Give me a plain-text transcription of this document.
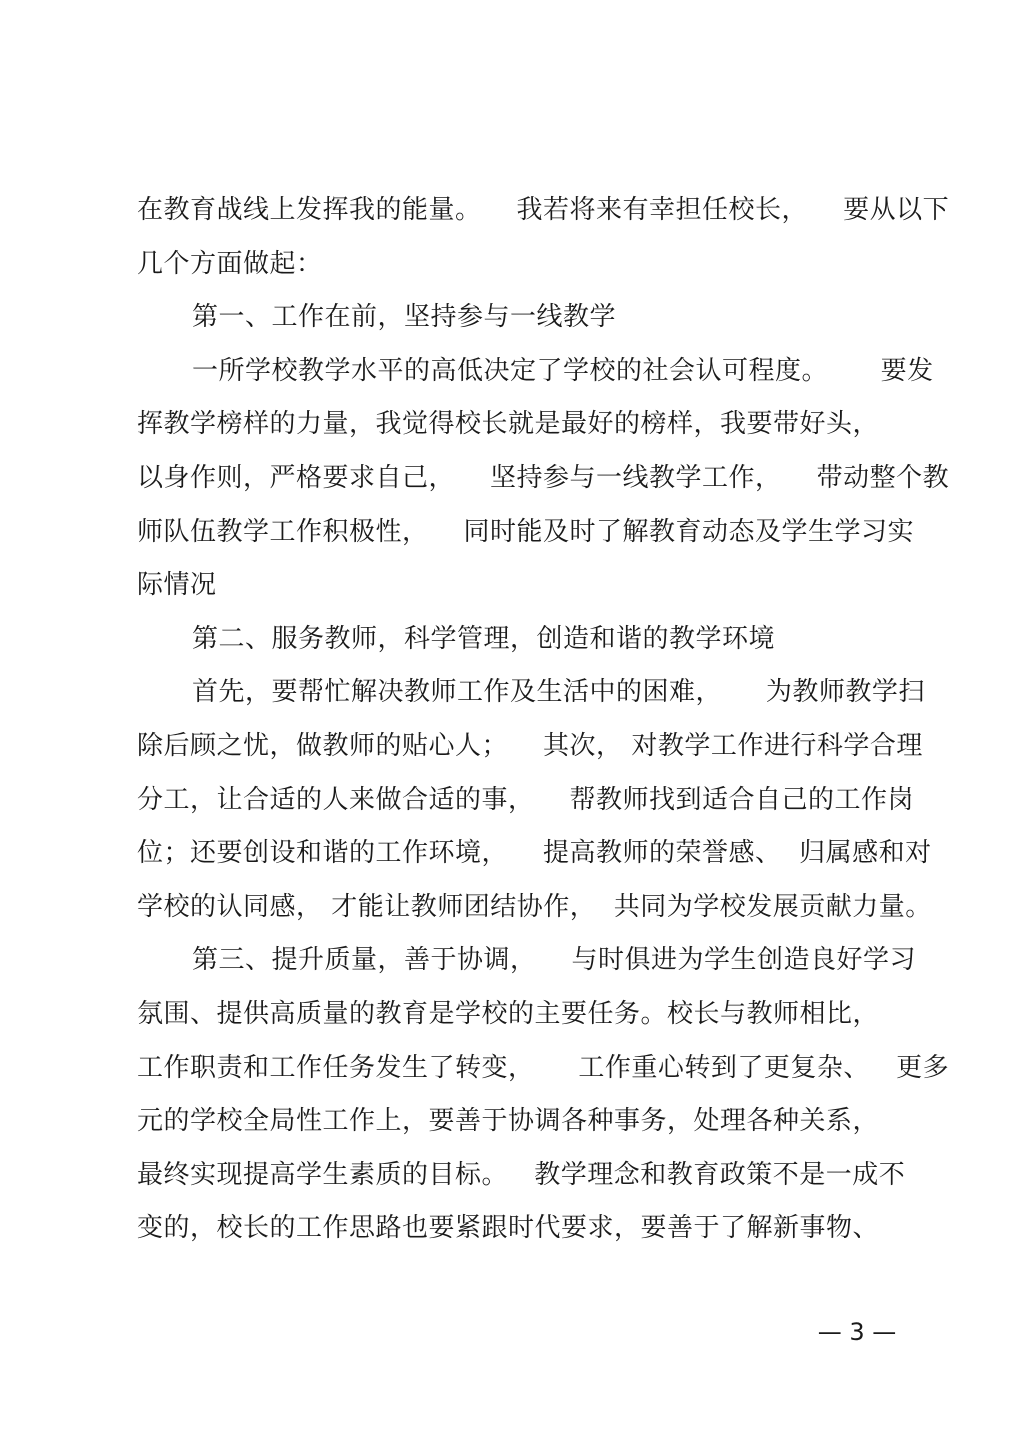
在教育战线上发挥我的能量。    我若将来有幸担任校长，    要从以下
几个方面做起：
第一、工作在前，坚持参与一线教学
一所学校教学水平的高低决定了学校的社会认可程度。      要发
挥教学榜样的力量，我觉得校长就是最好的榜样，我要带好头，
以身作则，严格要求自己，    坚持参与一线教学工作，    带动整个教
师队伍教学工作积极性，    同时能及时了解教育动态及学生学习实
际情况
第二、服务教师，科学管理，创造和谐的教学环境
首先，要帮忙解决教师工作及生活中的困难，     为教师教学扫
除后顾之忧，做教师的贴心人；    其次， 对教学工作进行科学合理
分工，让合适的人来做合适的事，    帮教师找到适合自己的工作岗
位；还要创设和谐的工作环境，    提高教师的荣誉感、  归属感和对
学校的认同感， 才能让教师团结协作，  共同为学校发展贡献力量。
第三、提升质量，善于协调，    与时俱进为学生创造良好学习
氛围、提供高质量的教育是学校的主要任务。校长与教师相比，
工作职责和工作任务发生了转变，     工作重心转到了更复杂、   更多
元的学校全局性工作上，要善于协调各种事务，处理各种关系，
最终实现提高学生素质的目标。   教学理念和教育政策不是一成不
变的，校长的工作思路也要紧跟时代要求，要善于了解新事物、
— 3 —
